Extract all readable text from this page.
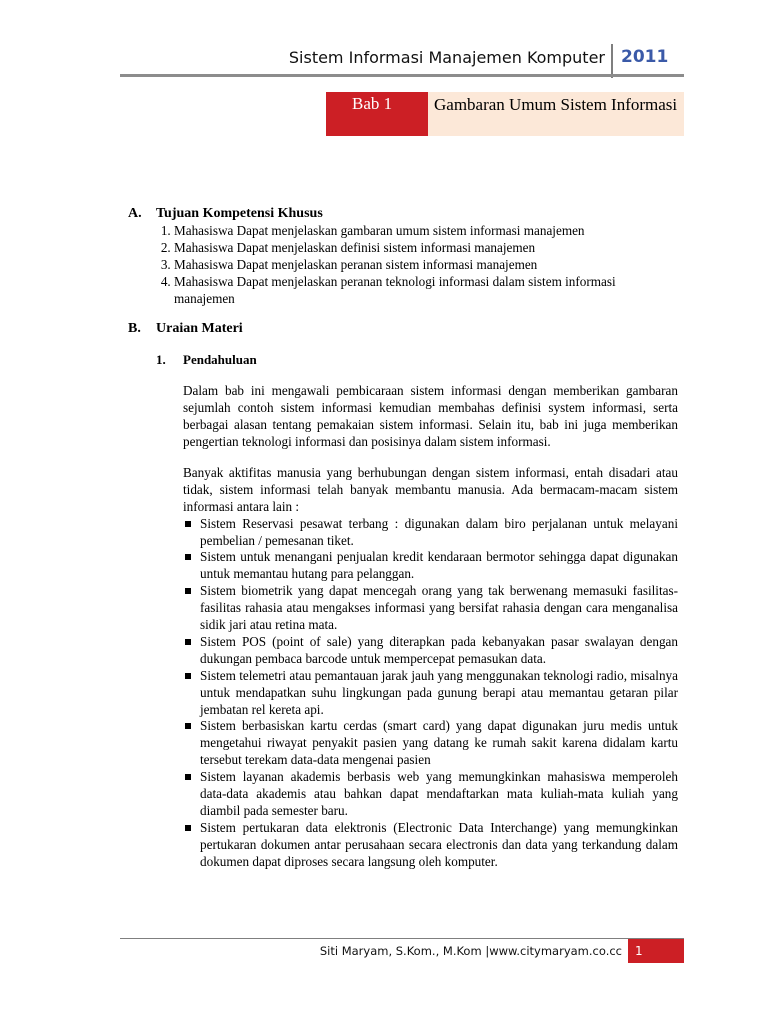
Sistem Informasi Manajemen Komputer 2011
Bab 1	Gambaran Umum Sistem Informasi
A.	Tujuan Kompetensi Khusus
1. Mahasiswa Dapat menjelaskan gambaran umum sistem informasi manajemen
2. Mahasiswa Dapat menjelaskan definisi sistem informasi manajemen
3. Mahasiswa Dapat menjelaskan peranan sistem informasi manajemen
4. Mahasiswa Dapat menjelaskan peranan teknologi informasi dalam sistem informasi manajemen
B.	Uraian Materi
1.	Pendahuluan
Dalam bab ini mengawali pembicaraan sistem informasi dengan memberikan gambaran sejumlah contoh sistem informasi kemudian membahas definisi system informasi, serta berbagai alasan tentang pemakaian sistem informasi. Selain itu, bab ini juga memberikan pengertian teknologi informasi dan posisinya dalam sistem informasi.
Banyak aktifitas manusia yang berhubungan dengan sistem informasi, entah disadari atau tidak, sistem informasi telah banyak membantu manusia. Ada bermacam-macam sistem informasi antara lain :
Sistem Reservasi pesawat terbang : digunakan dalam biro perjalanan untuk melayani pembelian / pemesanan tiket.
Sistem untuk menangani penjualan kredit kendaraan bermotor sehingga dapat digunakan untuk memantau hutang para pelanggan.
Sistem biometrik yang dapat mencegah orang yang tak berwenang memasuki fasilitas-fasilitas rahasia atau mengakses informasi yang bersifat rahasia dengan cara menganalisa sidik jari atau retina mata.
Sistem POS (point of sale) yang diterapkan pada kebanyakan pasar swalayan dengan dukungan pembaca barcode untuk mempercepat pemasukan data.
Sistem telemetri atau pemantauan jarak jauh yang menggunakan teknologi radio, misalnya untuk mendapatkan suhu lingkungan pada gunung berapi atau memantau getaran pilar jembatan rel kereta api.
Sistem berbasiskan kartu cerdas (smart card) yang dapat digunakan juru medis untuk mengetahui riwayat penyakit pasien yang datang ke rumah sakit karena didalam kartu tersebut terekam data-data mengenai pasien
Sistem layanan akademis berbasis web yang memungkinkan mahasiswa memperoleh data-data akademis atau bahkan dapat mendaftarkan mata kuliah-mata kuliah yang diambil pada semester baru.
Sistem pertukaran data elektronis (Electronic Data Interchange) yang memungkinkan pertukaran dokumen antar perusahaan secara electronis dan data yang terkandung dalam dokumen dapat diproses secara langsung oleh komputer.
Siti Maryam, S.Kom., M.Kom |www.citymaryam.co.cc	1
